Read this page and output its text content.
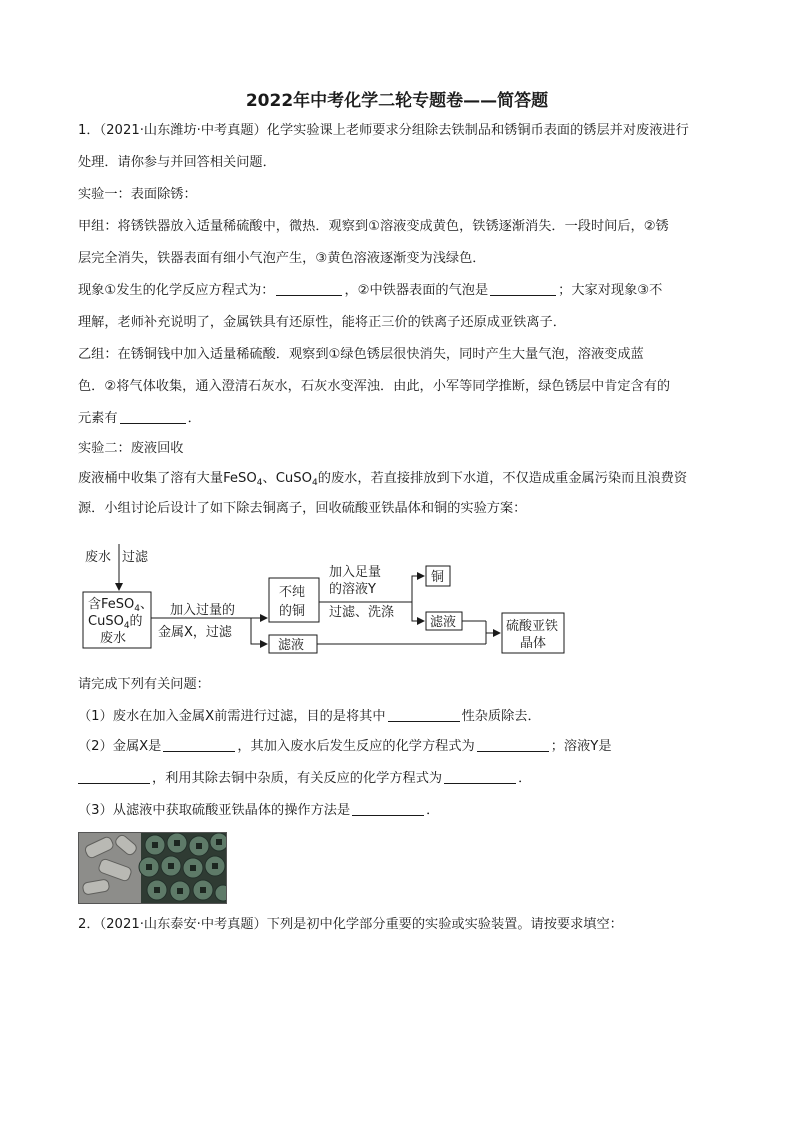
2022年中考化学二轮专题卷——简答题

1．（2021·山东潍坊·中考真题）化学实验课上老师要求分组除去铁制品和锈铜币表面的锈层并对废液进行

处理．请你参与并回答相关问题．

实验一：表面除锈：

甲组：将锈铁器放入适量稀硫酸中，微热．观察到①溶液变成黄色，铁锈逐渐消失．一段时间后，②锈

层完全消失，铁器表面有细小气泡产生，③黄色溶液逐渐变为浅绿色．

现象①发生的化学反应方程式为：	，②中铁器表面的气泡是	；大家对现象③不

理解，老师补充说明了，金属铁具有还原性，能将正三价的铁离子还原成亚铁离子．

乙组：在锈铜钱中加入适量稀硫酸．观察到①绿色锈层很快消失，同时产生大量气泡，溶液变成蓝

色．②将气体收集，通入澄清石灰水，石灰水变浑浊．由此，小军等同学推断，绿色锈层中肯定含有的

元素有	．

实验二：废液回收

废液桶中收集了溶有大量FeSO$_4$、CuSO$_4$的废水，若直接排放到下水道，不仅造成重金属污染而且浪费资

源．小组讨论后设计了如下除去铜离子，回收硫酸亚铁晶体和铜的实验方案：

废水 过滤
含FeSO$_4$、
CuSO$_4$的
废水
加入过量的
金属X，过滤
不纯
的铜
滤液
加入足量
的溶液Y
过滤、洗涤
铜
滤液	硫酸亚铁
晶体

请完成下列有关问题：

（1）废水在加入金属X前需进行过滤，目的是将其中	性杂质除去．

（2）金属X是	，其加入废水后发生反应的化学方程式为	；溶液Y是

，利用其除去铜中杂质，有关反应的化学方程式为	．

（3）从滤液中获取硫酸亚铁晶体的操作方法是	．

2．（2021·山东泰安·中考真题）下列是初中化学部分重要的实验或实验装置。请按要求填空：
